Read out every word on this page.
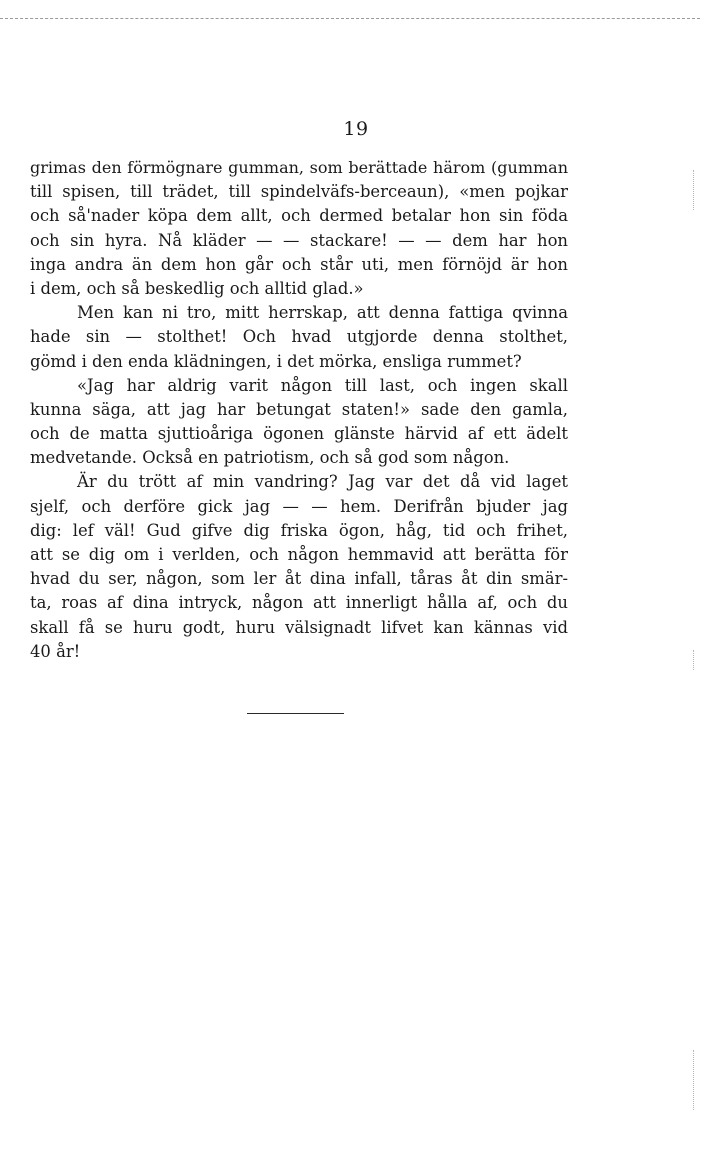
19
grimas den förmögnare gumman, som berättade härom (gumman
till spisen, till trädet, till spindelväfs-berceaun), «men pojkar
och så'nader köpa dem allt, och dermed betalar hon sin föda
och sin hyra. Nå kläder — — stackare! — — dem har hon
inga andra än dem hon går och står uti, men förnöjd är hon
i dem, och så beskedlig och alltid glad.»
Men kan ni tro, mitt herrskap, att denna fattiga qvinna
hade sin — stolthet! Och hvad utgjorde denna stolthet,
gömd i den enda klädningen, i det mörka, ensliga rummet?
«Jag har aldrig varit någon till last, och ingen skall
kunna säga, att jag har betungat staten!» sade den gamla,
och de matta sjuttioåriga ögonen glänste härvid af ett ädelt
medvetande. Också en patriotism, och så god som någon.
Är du trött af min vandring? Jag var det då vid laget
sjelf, och derföre gick jag — — hem. Derifrån bjuder jag
dig: lef väl! Gud gifve dig friska ögon, håg, tid och frihet,
att se dig om i verlden, och någon hemmavid att berätta för
hvad du ser, någon, som ler åt dina infall, tåras åt din smär-
ta, roas af dina intryck, någon att innerligt hålla af, och du
skall få se huru godt, huru välsignadt lifvet kan kännas vid
40 år!
